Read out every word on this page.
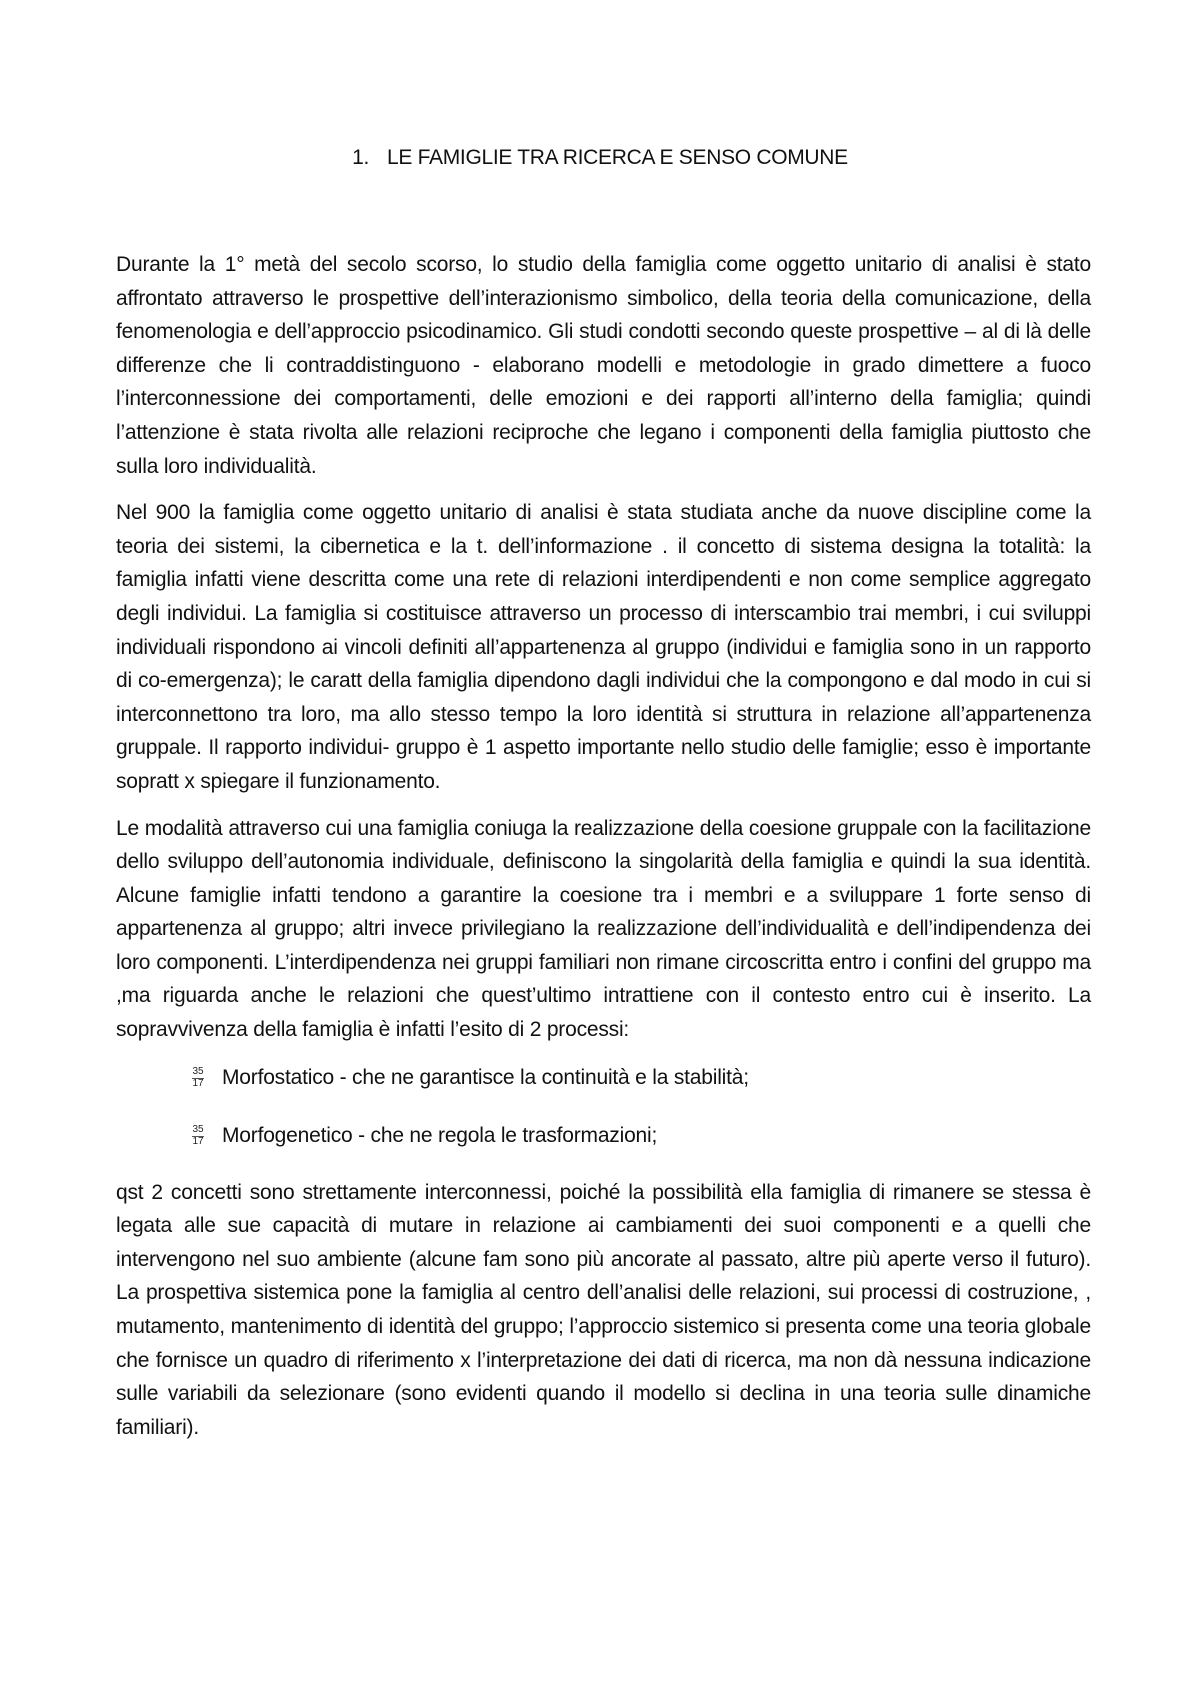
1. LE FAMIGLIE TRA RICERCA E SENSO COMUNE

Durante la 1° metà del secolo scorso, lo studio della famiglia come oggetto unitario di analisi è stato affrontato attraverso le prospettive dell’interazionismo simbolico, della teoria della comunicazione, della fenomenologia e dell’approccio psicodinamico. Gli studi condotti secondo queste prospettive – al di là delle differenze che li contraddistinguono - elaborano modelli e metodologie in grado dimettere a fuoco l’interconnessione dei comportamenti, delle emozioni e dei rapporti all’interno della famiglia; quindi l’attenzione è stata rivolta alle relazioni reciproche che legano i componenti della famiglia piuttosto che sulla loro individualità.

Nel 900 la famiglia come oggetto unitario di analisi è stata studiata anche da nuove discipline come la teoria dei sistemi, la cibernetica e la t. dell’informazione . il concetto di sistema designa la totalità: la famiglia infatti viene descritta come una rete di relazioni interdipendenti e non come semplice aggregato degli individui. La famiglia si costituisce attraverso un processo di interscambio trai membri, i cui sviluppi individuali rispondono ai vincoli definiti all’appartenenza al gruppo (individui e famiglia sono in un rapporto di co-emergenza); le caratt della famiglia dipendono dagli individui che la compongono e dal modo in cui si interconnettono tra loro, ma allo stesso tempo la loro identità si struttura in relazione all’appartenenza gruppale. Il rapporto individui- gruppo è 1 aspetto importante nello studio delle famiglie; esso è importante sopratt x spiegare il funzionamento.

Le modalità attraverso cui una famiglia coniuga la realizzazione della coesione gruppale con la facilitazione dello sviluppo dell’autonomia individuale, definiscono la singolarità della famiglia e quindi la sua identità. Alcune famiglie infatti tendono a garantire la coesione tra i membri e a sviluppare 1 forte senso di appartenenza al gruppo; altri invece privilegiano la realizzazione dell’individualità e dell’indipendenza dei loro componenti. L’interdipendenza nei gruppi familiari non rimane circoscritta entro i confini del gruppo ma ,ma riguarda anche le relazioni che quest’ultimo intrattiene con il contesto entro cui è inserito. La sopravvivenza della famiglia è infatti l’esito di 2 processi:

35
17 Morfostatico - che ne garantisce la continuità e la stabilità;
35
17 Morfogenetico - che ne regola le trasformazioni;

qst 2 concetti sono strettamente interconnessi, poiché la possibilità ella famiglia di rimanere se stessa è legata alle sue capacità di mutare in relazione ai cambiamenti dei suoi componenti e a quelli che intervengono nel suo ambiente (alcune fam sono più ancorate al passato, altre più aperte verso il futuro). La prospettiva sistemica pone la famiglia al centro dell’analisi delle relazioni, sui processi di costruzione, , mutamento, mantenimento di identità del gruppo; l’approccio sistemico si presenta come una teoria globale che fornisce un quadro di riferimento x l’interpretazione dei dati di ricerca, ma non dà nessuna indicazione sulle variabili da selezionare (sono evidenti quando il modello si declina in una teoria sulle dinamiche familiari).
